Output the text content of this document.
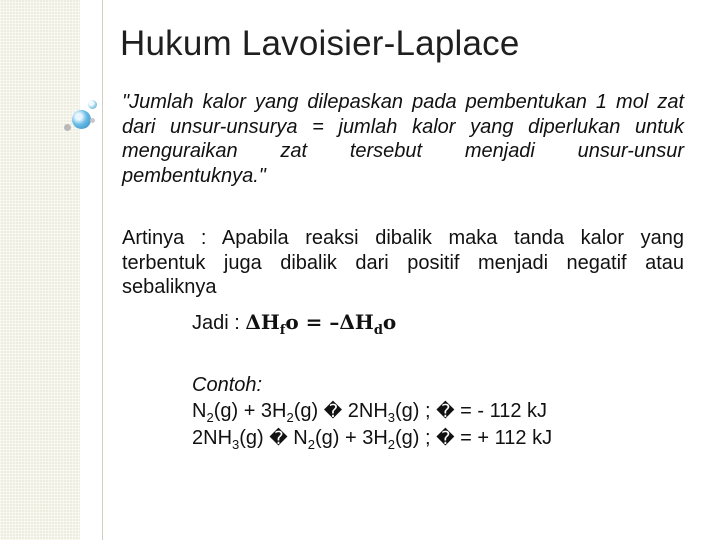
Hukum Lavoisier-Laplace

"Jumlah kalor yang dilepaskan pada pembentukan 1 mol zat dari unsur-unsurya = jumlah kalor yang diperlukan untuk menguraikan zat tersebut menjadi unsur-unsur pembentuknya."

Artinya : Apabila reaksi dibalik maka tanda kalor yang terbentuk juga dibalik dari positif menjadi negatif atau sebaliknya

Jadi : $\Delta H_fo = -\Delta H_do$
Contoh:
$N_2(g) + 3H_2(g)$ � $2NH_3(g)$ ; � = - 112 kJ
$2NH_3(g)$ � $N_2(g) + 3H_2(g)$ ; � = + 112 kJ
